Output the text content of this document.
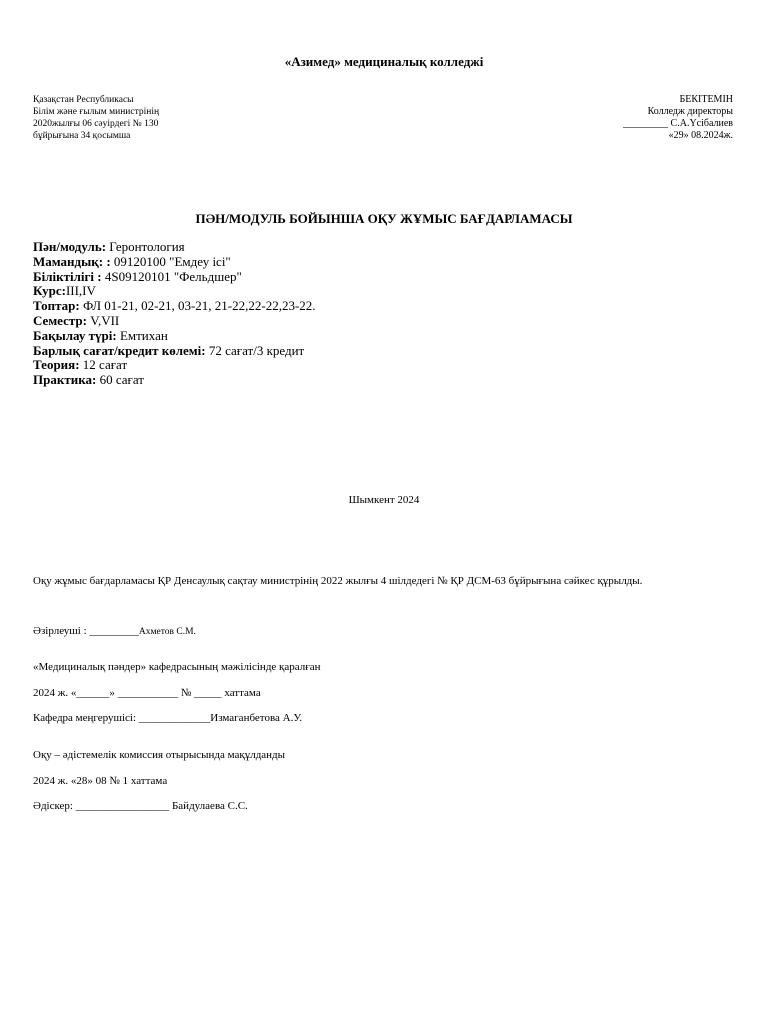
«Азимед» медициналық колледжі
Қазақстан Республикасы
Білім және ғылым министрінің
2020жылғы 06 сәуірдегі № 130
бұйрығына 34 қосымша
БЕКІТЕМІН
Колледж директоры
_________ С.А.Үсібалиев
«29» 08.2024ж.
ПӘН/МОДУЛЬ БОЙЫНША ОҚУ ЖҰМЫС БАҒДАРЛАМАСЫ
Пән/модуль: Геронтология
Мамандық: : 09120100 "Емдеу ісі"
Біліктілігі : 4S09120101 "Фельдшер"
Курс:III,IV
Топтар: ФЛ 01-21, 02-21, 03-21, 21-22,22-22,23-22.
Семестр: V,VII
Бақылау түрі: Емтихан
Барлық сағат/кредит көлемі: 72 сағат/3 кредит
Теория: 12 сағат
Практика: 60 сағат
Шымкент 2024
Оқу жұмыс бағдарламасы ҚР Денсаулық сақтау министрінің 2022 жылғы 4 шілдедегі № ҚР ДСМ-63 бұйрығына сәйкес құрылды.
Әзірлеуші : _________Ахметов С.М.
«Медициналық пәндер» кафедрасының мәжілісінде қаралған
2024 ж. «______» ___________ № _____ хаттама
Кафедра меңгерушісі: _____________Измаганбетова А.У.
Оқу – әдістемелік комиссия отырысында мақұлданды
2024 ж. «28» 08 № 1 хаттама
Әдіскер: _________________ Байдулаева С.С.
